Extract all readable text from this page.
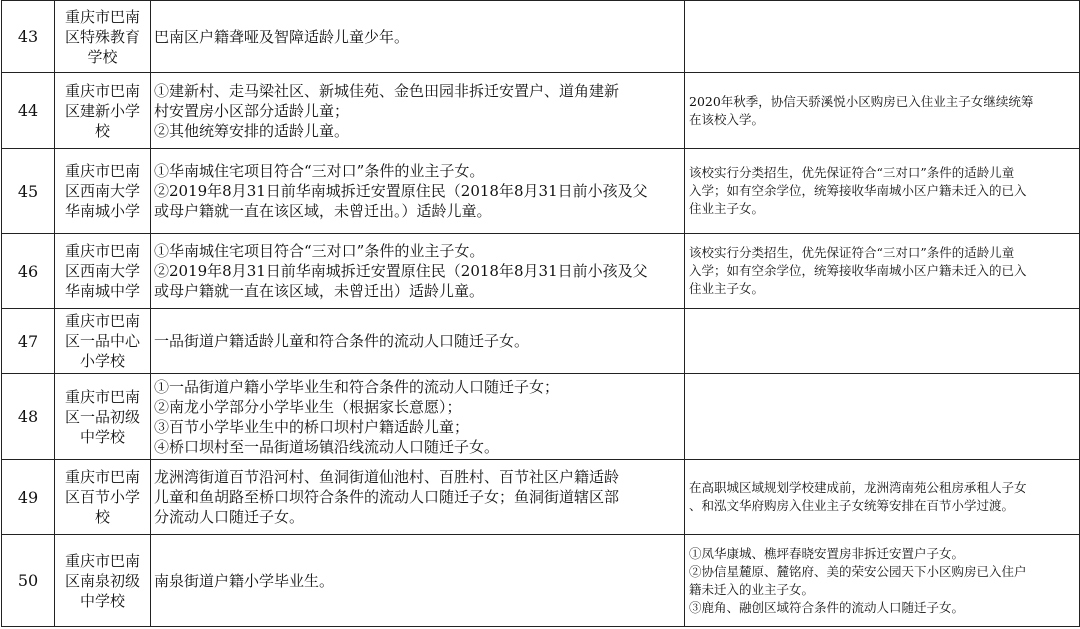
43	重庆市巴南
区特殊教育
学校	巴南区户籍聋哑及智障适龄儿童少年。	

44	重庆市巴南
区建新小学
校	①建新村、走马梁社区、新城佳苑、金色田园非拆迁安置户、道角建新
村安置房小区部分适龄儿童；
②其他统筹安排的适龄儿童。	2020年秋季，协信天骄溪悦小区购房已入住业主子女继续统筹
在该校入学。

45	重庆市巴南
区西南大学
华南城小学	①华南城住宅项目符合“三对口”条件的业主子女。
②2019年8月31日前华南城拆迁安置原住民（2018年8月31日前小孩及父
或母户籍就一直在该区域，未曾迁出。）适龄儿童。	该校实行分类招生，优先保证符合“三对口”条件的适龄儿童
入学；如有空余学位，统筹接收华南城小区户籍未迁入的已入
住业主子女。

46	重庆市巴南
区西南大学
华南城中学	①华南城住宅项目符合“三对口”条件的业主子女。
②2019年8月31日前华南城拆迁安置原住民（2018年8月31日前小孩及父
或母户籍就一直在该区域，未曾迁出）适龄儿童。	该校实行分类招生，优先保证符合“三对口”条件的适龄儿童
入学；如有空余学位，统筹接收华南城小区户籍未迁入的已入
住业主子女。

47	重庆市巴南
区一品中心
小学校	一品街道户籍适龄儿童和符合条件的流动人口随迁子女。	

48	重庆市巴南
区一品初级
中学校	①一品街道户籍小学毕业生和符合条件的流动人口随迁子女；
②南龙小学部分小学毕业生（根据家长意愿）；
③百节小学毕业生中的桥口坝村户籍适龄儿童；
④桥口坝村至一品街道场镇沿线流动人口随迁子女。	

49	重庆市巴南
区百节小学
校	龙洲湾街道百节沿河村、鱼洞街道仙池村、百胜村、百节社区户籍适龄
儿童和鱼胡路至桥口坝符合条件的流动人口随迁子女；鱼洞街道辖区部
分流动人口随迁子女。	在高职城区域规划学校建成前，龙洲湾南苑公租房承租人子女
、和泓文华府购房入住业主子女统筹安排在百节小学过渡。

50	重庆市巴南
区南泉初级
中学校	南泉街道户籍小学毕业生。	①凤华康城、樵坪春晓安置房非拆迁安置户子女。
②协信星麓原、麓铭府、美的荣安公园天下小区购房已入住户
籍未迁入的业主子女。
③鹿角、融创区域符合条件的流动人口随迁子女。
